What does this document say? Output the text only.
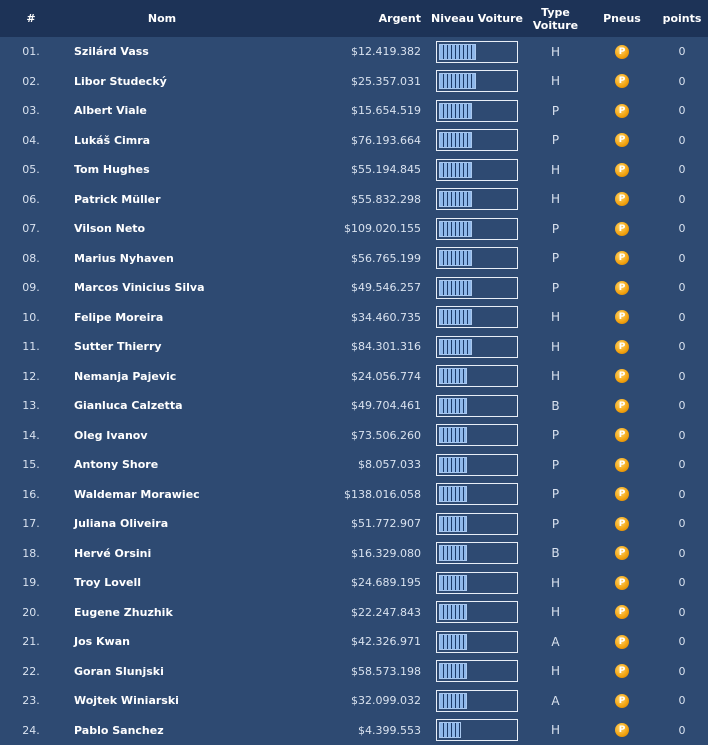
#	Nom	Argent	Niveau Voiture	Type
Voiture	Pneus	points
01.	Szilárd Vass	$12.419.382		H	P	0
02.	Libor Studecký	$25.357.031		H	P	0
03.	Albert Viale	$15.654.519		P	P	0
04.	Lukáš Cimra	$76.193.664		P	P	0
05.	Tom Hughes	$55.194.845		H	P	0
06.	Patrick Müller	$55.832.298		H	P	0
07.	Vilson Neto	$109.020.155		P	P	0
08.	Marius Nyhaven	$56.765.199		P	P	0
09.	Marcos Vinicius Silva	$49.546.257		P	P	0
10.	Felipe Moreira	$34.460.735		H	P	0
11.	Sutter Thierry	$84.301.316		H	P	0
12.	Nemanja Pajevic	$24.056.774		H	P	0
13.	Gianluca Calzetta	$49.704.461		B	P	0
14.	Oleg Ivanov	$73.506.260		P	P	0
15.	Antony Shore	$8.057.033		P	P	0
16.	Waldemar Morawiec	$138.016.058		P	P	0
17.	Juliana Oliveira	$51.772.907		P	P	0
18.	Hervé Orsini	$16.329.080		B	P	0
19.	Troy Lovell	$24.689.195		H	P	0
20.	Eugene Zhuzhik	$22.247.843		H	P	0
21.	Jos Kwan	$42.326.971		A	P	0
22.	Goran Slunjski	$58.573.198		H	P	0
23.	Wojtek Winiarski	$32.099.032		A	P	0
24.	Pablo Sanchez	$4.399.553		H	P	0
